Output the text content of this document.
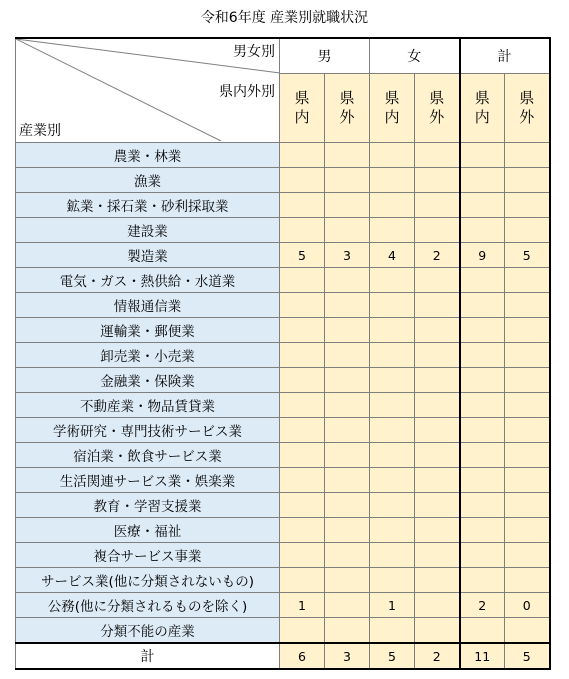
令和6年度 産業別就職状況
男女別
県内外別
産業別	男		女		計	
	県内	県外	県内	県外	県内	県外
農業・林業						
漁業						
鉱業・採石業・砂利採取業						
建設業						
製造業	5	3	4	2	9	5
電気・ガス・熱供給・水道業						
情報通信業						
運輸業・郵便業						
卸売業・小売業						
金融業・保険業						
不動産業・物品賃貸業						
学術研究・専門技術サービス業						
宿泊業・飲食サービス業						
生活関連サービス業・娯楽業						
教育・学習支援業						
医療・福祉						
複合サービス事業						
サービス業(他に分類されないもの)						
公務(他に分類されるものを除く)	1		1		2	0
分類不能の産業						
計	6	3	5	2	11	5
